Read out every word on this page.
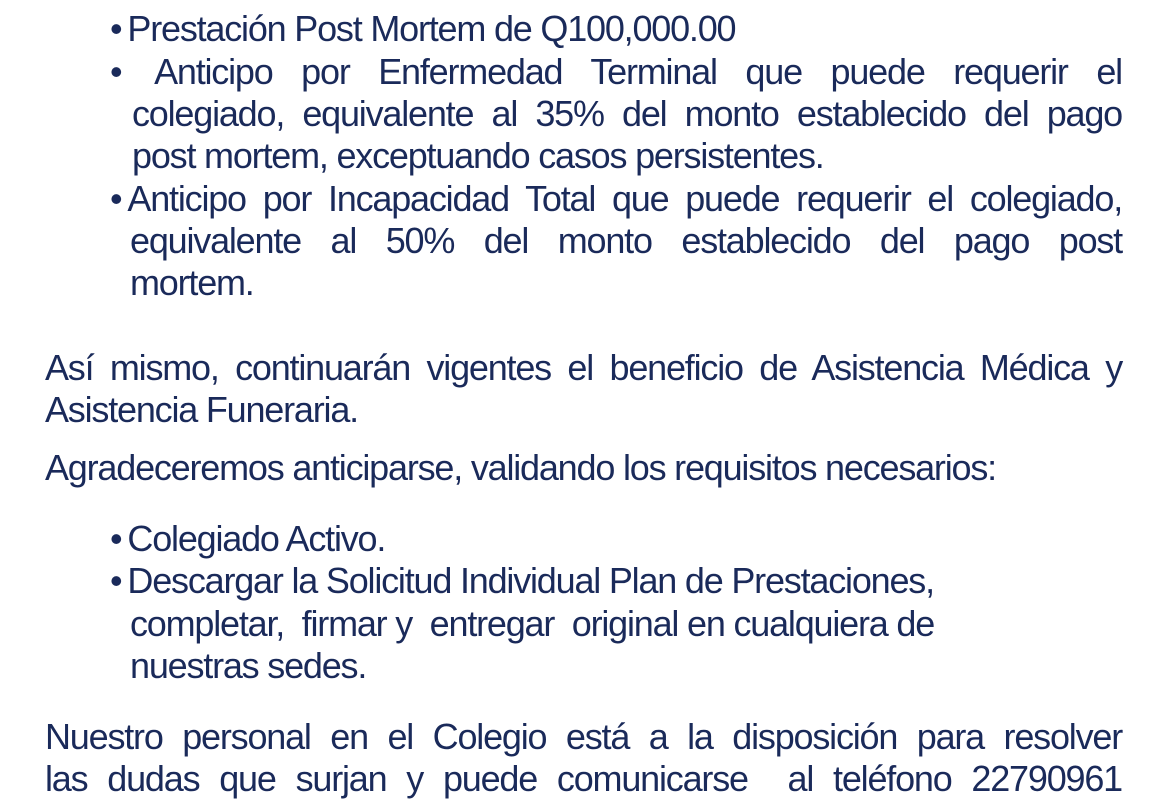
• Prestación Post Mortem de Q100,000.00
• Anticipo por Enfermedad Terminal que puede requerir el
colegiado, equivalente al 35% del monto establecido del pago
post mortem, exceptuando casos persistentes.
• Anticipo por Incapacidad Total que puede requerir el colegiado,
equivalente al 50% del monto establecido del pago post
mortem.
Así mismo, continuarán vigentes el beneficio de Asistencia Médica y
Asistencia Funeraria.
Agradeceremos anticiparse, validando los requisitos necesarios:
• Colegiado Activo.
• Descargar la Solicitud Individual Plan de Prestaciones,
completar,  firmar y  entregar  original en cualquiera de
nuestras sedes.
Nuestro personal en el Colegio está a la disposición para resolver
las dudas que surjan y puede comunicarse  al teléfono 22790961
